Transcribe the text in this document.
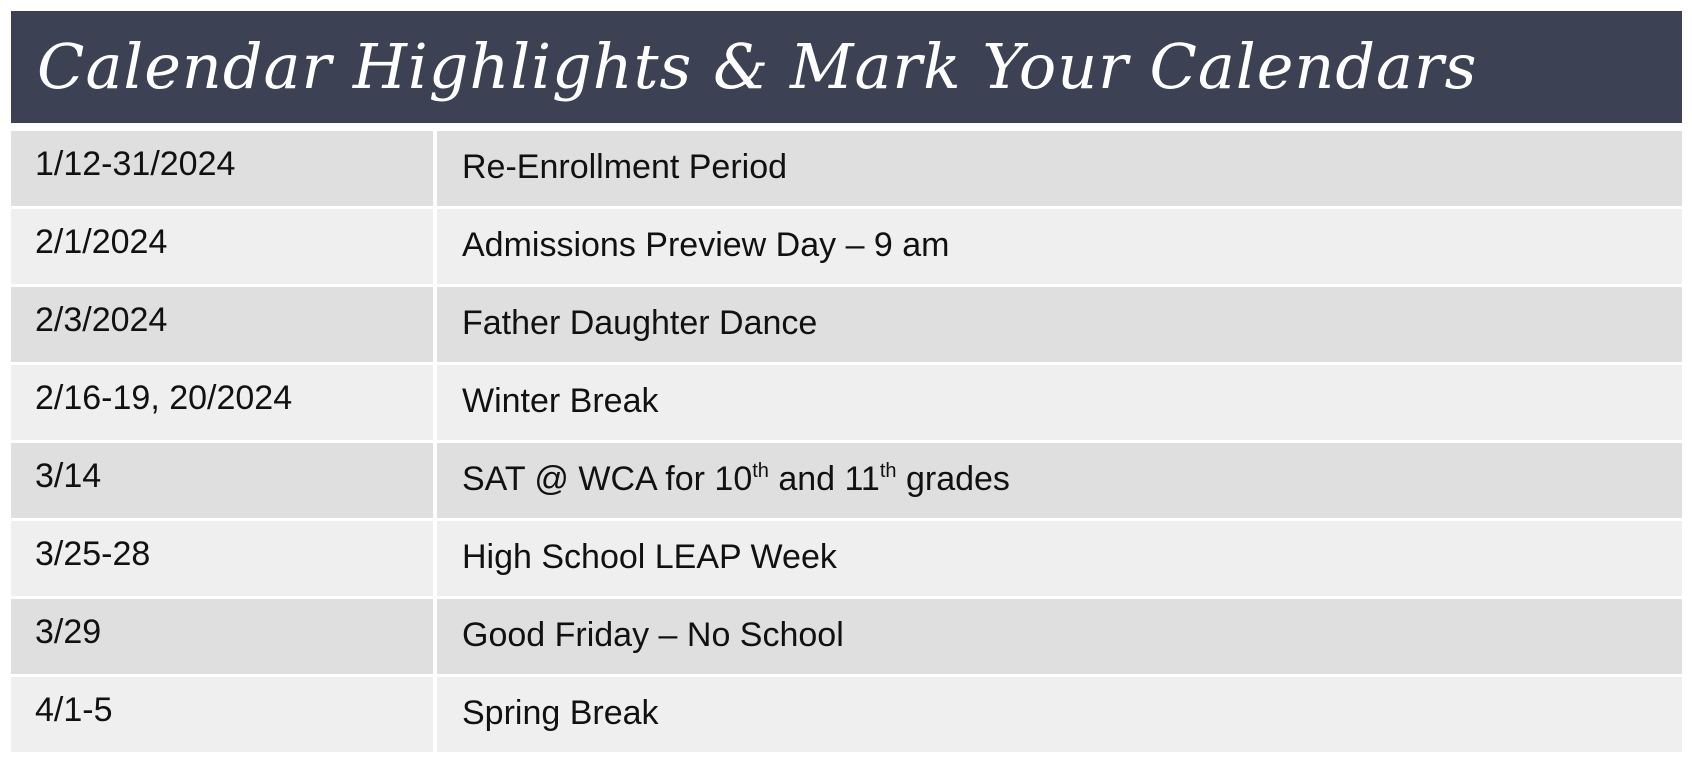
Calendar Highlights & Mark Your Calendars
1/12-31/2024	Re-Enrollment Period
2/1/2024	Admissions Preview Day – 9 am
2/3/2024	Father Daughter Dance
2/16-19, 20/2024	Winter Break
3/14	SAT @ WCA for 10th and 11th grades
3/25-28	High School LEAP Week
3/29	Good Friday – No School
4/1-5	Spring Break
